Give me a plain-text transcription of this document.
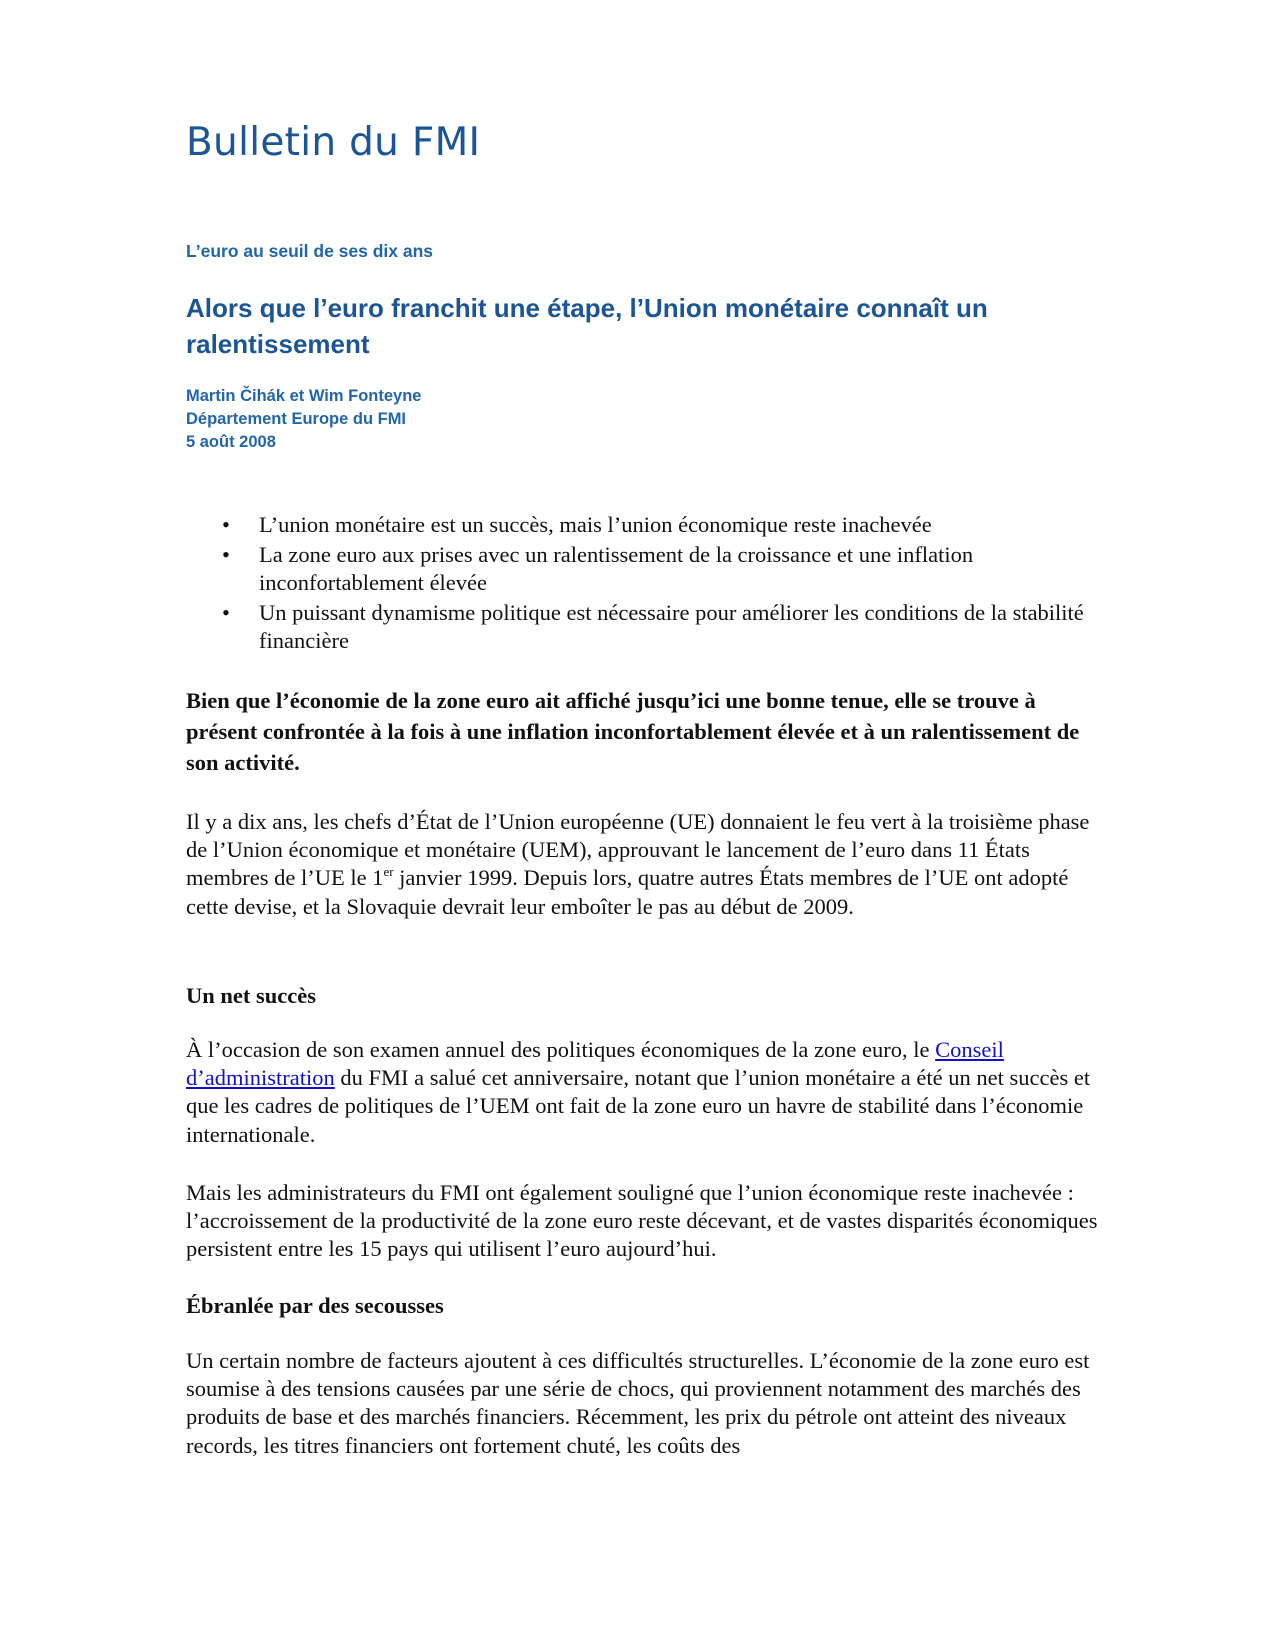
Bulletin du FMI

L’euro au seuil de ses dix ans

Alors que l’euro franchit une étape, l’Union monétaire connaît un ralentissement
Martin Čihák et Wim Fonteyne
Département Europe du FMI
5 août 2008
• L’union monétaire est un succès, mais l’union économique reste inachevée
• La zone euro aux prises avec un ralentissement de la croissance et une inflation inconfortablement élevée
• Un puissant dynamisme politique est nécessaire pour améliorer les conditions de la stabilité financière

Bien que l’économie de la zone euro ait affiché jusqu’ici une bonne tenue, elle se trouve à présent confrontée à la fois à une inflation inconfortablement élevée et à un ralentissement de son activité.

Il y a dix ans, les chefs d’État de l’Union européenne (UE) donnaient le feu vert à la troisième phase de l’Union économique et monétaire (UEM), approuvant le lancement de l’euro dans 11 États membres de l’UE le 1er janvier 1999. Depuis lors, quatre autres États membres de l’UE ont adopté cette devise, et la Slovaquie devrait leur emboîter le pas au début de 2009.

Un net succès

À l’occasion de son examen annuel des politiques économiques de la zone euro, le Conseil d’administration du FMI a salué cet anniversaire, notant que l’union monétaire a été un net succès et que les cadres de politiques de l’UEM ont fait de la zone euro un havre de stabilité dans l’économie internationale.

Mais les administrateurs du FMI ont également souligné que l’union économique reste inachevée : l’accroissement de la productivité de la zone euro reste décevant, et de vastes disparités économiques persistent entre les 15 pays qui utilisent l’euro aujourd’hui.

Ébranlée par des secousses

Un certain nombre de facteurs ajoutent à ces difficultés structurelles. L’économie de la zone euro est soumise à des tensions causées par une série de chocs, qui proviennent notamment des marchés des produits de base et des marchés financiers. Récemment, les prix du pétrole ont atteint des niveaux records, les titres financiers ont fortement chuté, les coûts des
